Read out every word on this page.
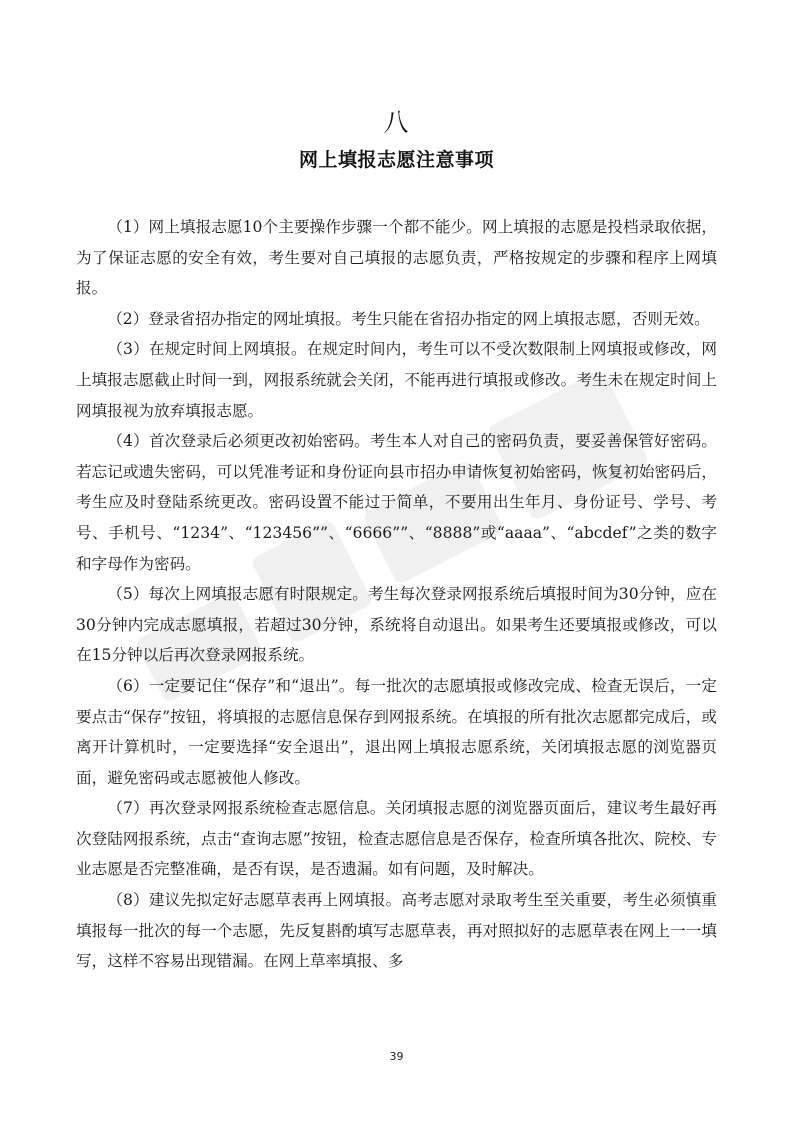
八
网上填报志愿注意事项

（1）网上填报志愿10个主要操作步骤一个都不能少。网上填报的志愿是投档录取依据，为了保证志愿的安全有效，考生要对自己填报的志愿负责，严格按规定的步骤和程序上网填报。

（2）登录省招办指定的网址填报。考生只能在省招办指定的网上填报志愿，否则无效。

（3）在规定时间上网填报。在规定时间内，考生可以不受次数限制上网填报或修改，网上填报志愿截止时间一到，网报系统就会关闭，不能再进行填报或修改。考生未在规定时间上网填报视为放弃填报志愿。

（4）首次登录后必须更改初始密码。考生本人对自己的密码负责，要妥善保管好密码。若忘记或遗失密码，可以凭准考证和身份证向县市招办申请恢复初始密码，恢复初始密码后，考生应及时登陆系统更改。密码设置不能过于简单，不要用出生年月、身份证号、学号、考号、手机号、“1234”、“123456””、“6666””、“8888”或“aaaa”、“abcdef”之类的数字和字母作为密码。

（5）每次上网填报志愿有时限规定。考生每次登录网报系统后填报时间为30分钟，应在30分钟内完成志愿填报，若超过30分钟，系统将自动退出。如果考生还要填报或修改，可以在15分钟以后再次登录网报系统。

（6）一定要记住“保存”和“退出”。每一批次的志愿填报或修改完成、检查无误后，一定要点击“保存”按钮，将填报的志愿信息保存到网报系统。在填报的所有批次志愿都完成后，或离开计算机时，一定要选择“安全退出”，退出网上填报志愿系统，关闭填报志愿的浏览器页面，避免密码或志愿被他人修改。

（7）再次登录网报系统检查志愿信息。关闭填报志愿的浏览器页面后，建议考生最好再次登陆网报系统，点击“查询志愿”按钮，检查志愿信息是否保存，检查所填各批次、院校、专业志愿是否完整准确，是否有误，是否遗漏。如有问题，及时解决。

（8）建议先拟定好志愿草表再上网填报。高考志愿对录取考生至关重要，考生必须慎重填报每一批次的每一个志愿，先反复斟酌填写志愿草表，再对照拟好的志愿草表在网上一一填写，这样不容易出现错漏。在网上草率填报、多

39
